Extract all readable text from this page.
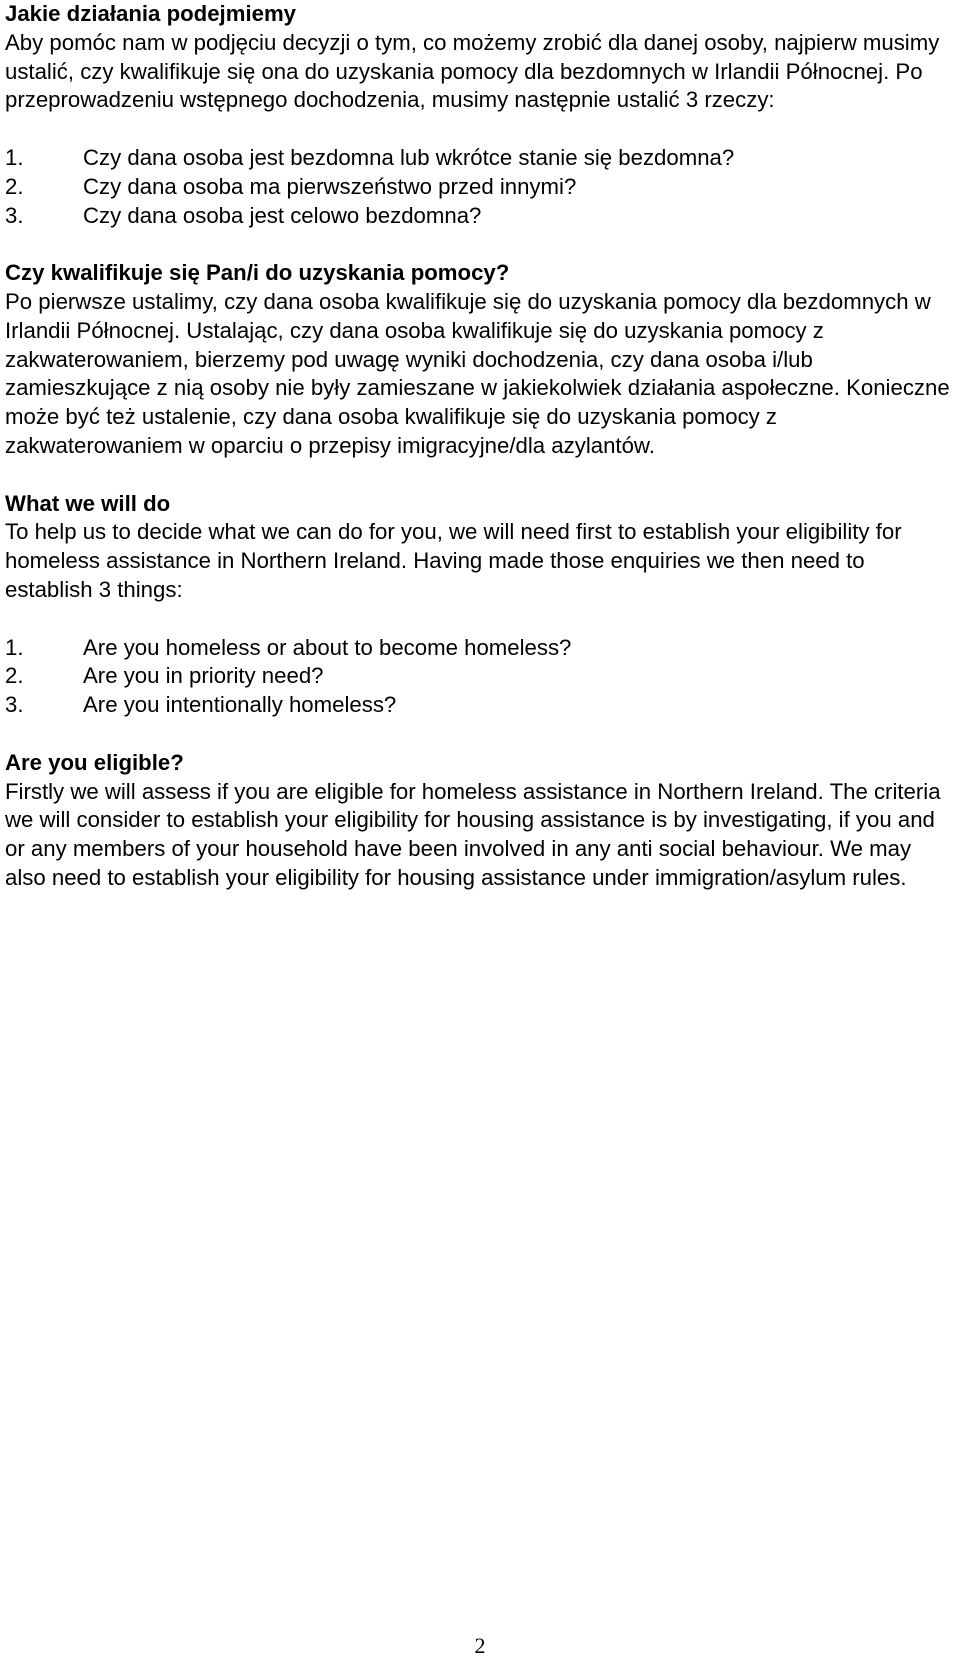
Jakie działania podejmiemy

Aby pomóc nam w podjęciu decyzji o tym, co możemy zrobić dla danej osoby, najpierw musimy ustalić, czy kwalifikuje się ona do uzyskania pomocy dla bezdomnych w Irlandii Północnej. Po przeprowadzeniu wstępnego dochodzenia, musimy następnie ustalić 3 rzeczy:

1.	Czy dana osoba jest bezdomna lub wkrótce stanie się bezdomna?
2.	Czy dana osoba ma pierwszeństwo przed innymi?
3.	Czy dana osoba jest celowo bezdomna?
Czy kwalifikuje się Pan/i do uzyskania pomocy?

Po pierwsze ustalimy, czy dana osoba kwalifikuje się do uzyskania pomocy dla bezdomnych w Irlandii Północnej. Ustalając, czy dana osoba kwalifikuje się do uzyskania pomocy z zakwaterowaniem, bierzemy pod uwagę wyniki dochodzenia, czy dana osoba i/lub zamieszkujące z nią osoby nie były zamieszane w jakiekolwiek działania aspołeczne. Konieczne może być też ustalenie, czy dana osoba kwalifikuje się do uzyskania pomocy z zakwaterowaniem w oparciu o przepisy imigracyjne/dla azylantów.

What we will do

To help us to decide what we can do for you, we will need first to establish your eligibility for homeless assistance in Northern Ireland. Having made those enquiries we then need to establish 3 things:

1.	Are you homeless or about to become homeless?
2.	Are you in priority need?
3.	Are you intentionally homeless?
Are you eligible?

Firstly we will assess if you are eligible for homeless assistance in Northern Ireland. The criteria we will consider to establish your eligibility for housing assistance is by investigating, if you and or any members of your household have been involved in any anti social behaviour. We may also need to establish your eligibility for housing assistance under immigration/asylum rules.

2
